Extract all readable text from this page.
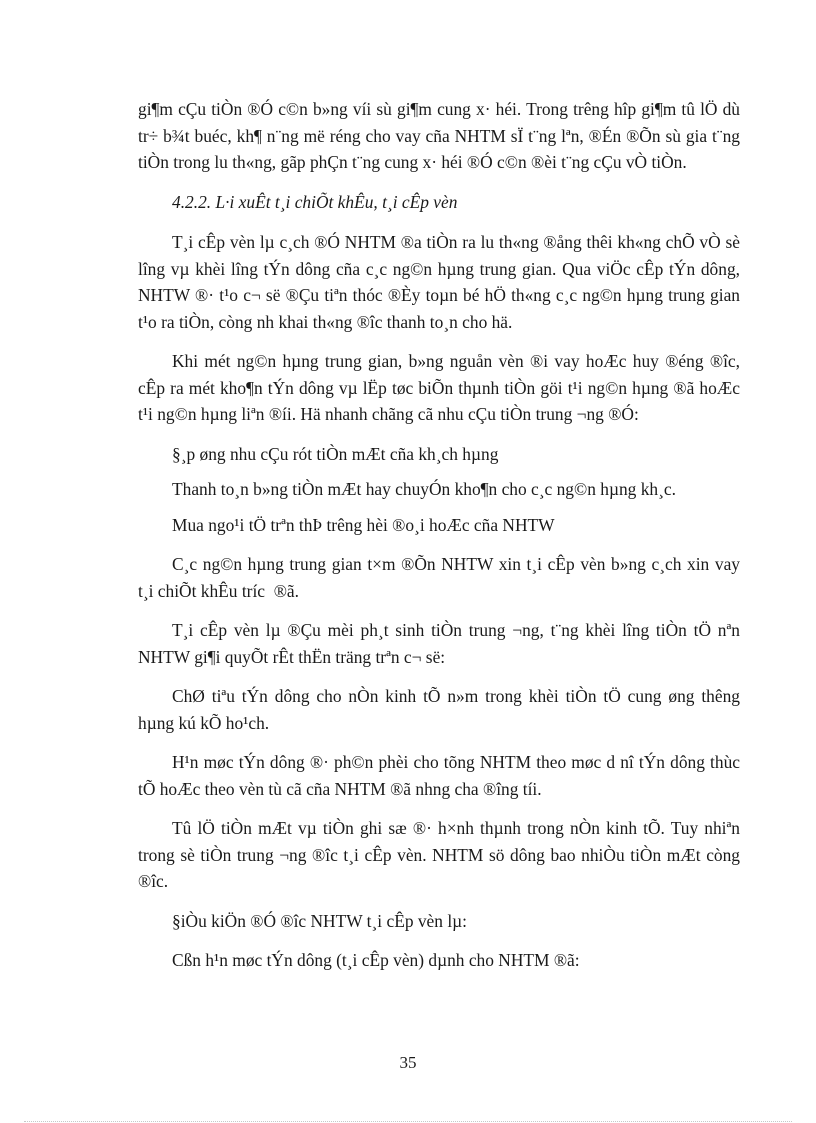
gi¶m cÇu tiÒn ®Ó c©n b»ng víi sù gi¶m cung x· héi. Trong trêng hîp gi¶m tû lÖ dù tr÷ b¾t buéc, kh¶ n¨ng më réng cho vay cña NHTM sÏ t¨ng lªn, ®Én ®Õn sù gia t¨ng tiÒn trong lu th«ng, gãp phÇn t¨ng cung x· héi ®Ó c©n ®èi t¨ng cÇu vÒ tiÒn.

4.2.2. L·i xuÊt t¸i chiÕt khÊu, t¸i cÊp vèn

T¸i cÊp vèn lµ c¸ch ®Ó NHTM ®a tiÒn ra lu th«ng ®ång thêi kh«ng chÕ vÒ sè lîng vµ khèi lîng tÝn dông cña c¸c ng©n hµng trung gian. Qua viÖc cÊp tÝn dông, NHTW ®· t¹o c¬ së ®Çu tiªn thóc ®Èy toµn bé hÖ th«ng c¸c ng©n hµng trung gian t¹o ra tiÒn, còng nh khai th«ng ®îc thanh to¸n cho hä.

Khi mét ng©n hµng trung gian, b»ng nguån vèn ®i vay hoÆc huy ®éng ®îc, cÊp ra mét kho¶n tÝn dông vµ lËp tøc biÕn thµnh tiÒn göi t¹i ng©n hµng ®ã hoÆc t¹i ng©n hµng liªn ®íi. Hä nhanh chãng cã nhu cÇu tiÒn trung ¬ng ®Ó:

§¸p øng nhu cÇu rót tiÒn mÆt cña kh¸ch hµng

Thanh to¸n b»ng tiÒn mÆt hay chuyÓn kho¶n cho c¸c ng©n hµng kh¸c.

Mua ngo¹i tÖ trªn thÞ trêng hèi ®o¸i hoÆc cña NHTW

C¸c ng©n hµng trung gian t×m ®Õn NHTW xin t¸i cÊp vèn b»ng c¸ch xin vay t¸i chiÕt khÊu tríc ®ã.

T¸i cÊp vèn lµ ®Çu mèi ph¸t sinh tiÒn trung ¬ng, t¨ng khèi lîng tiÒn tÖ nªn NHTW gi¶i quyÕt rÊt thËn träng trªn c¬ së:

ChØ tiªu tÝn dông cho nÒn kinh tÕ n»m trong khèi tiÒn tÖ cung øng thêng hµng kú kÕ ho¹ch.

H¹n møc tÝn dông ®· ph©n phèi cho tõng NHTM theo møc d nî tÝn dông thùc tÕ hoÆc theo vèn tù cã cña NHTM ®ã nhng cha ®îng tíi.

Tû lÖ tiÒn mÆt vµ tiÒn ghi sæ ®· h×nh thµnh trong nÒn kinh tÕ. Tuy nhiªn trong sè tiÒn trung ¬ng ®îc t¸i cÊp vèn. NHTM sö dông bao nhiÒu tiÒn mÆt còng ®îc.

§iÒu kiÖn ®Ó ®îc NHTW t¸i cÊp vèn lµ:

Cßn h¹n møc tÝn dông (t¸i cÊp vèn) dµnh cho NHTM ®ã:

35
